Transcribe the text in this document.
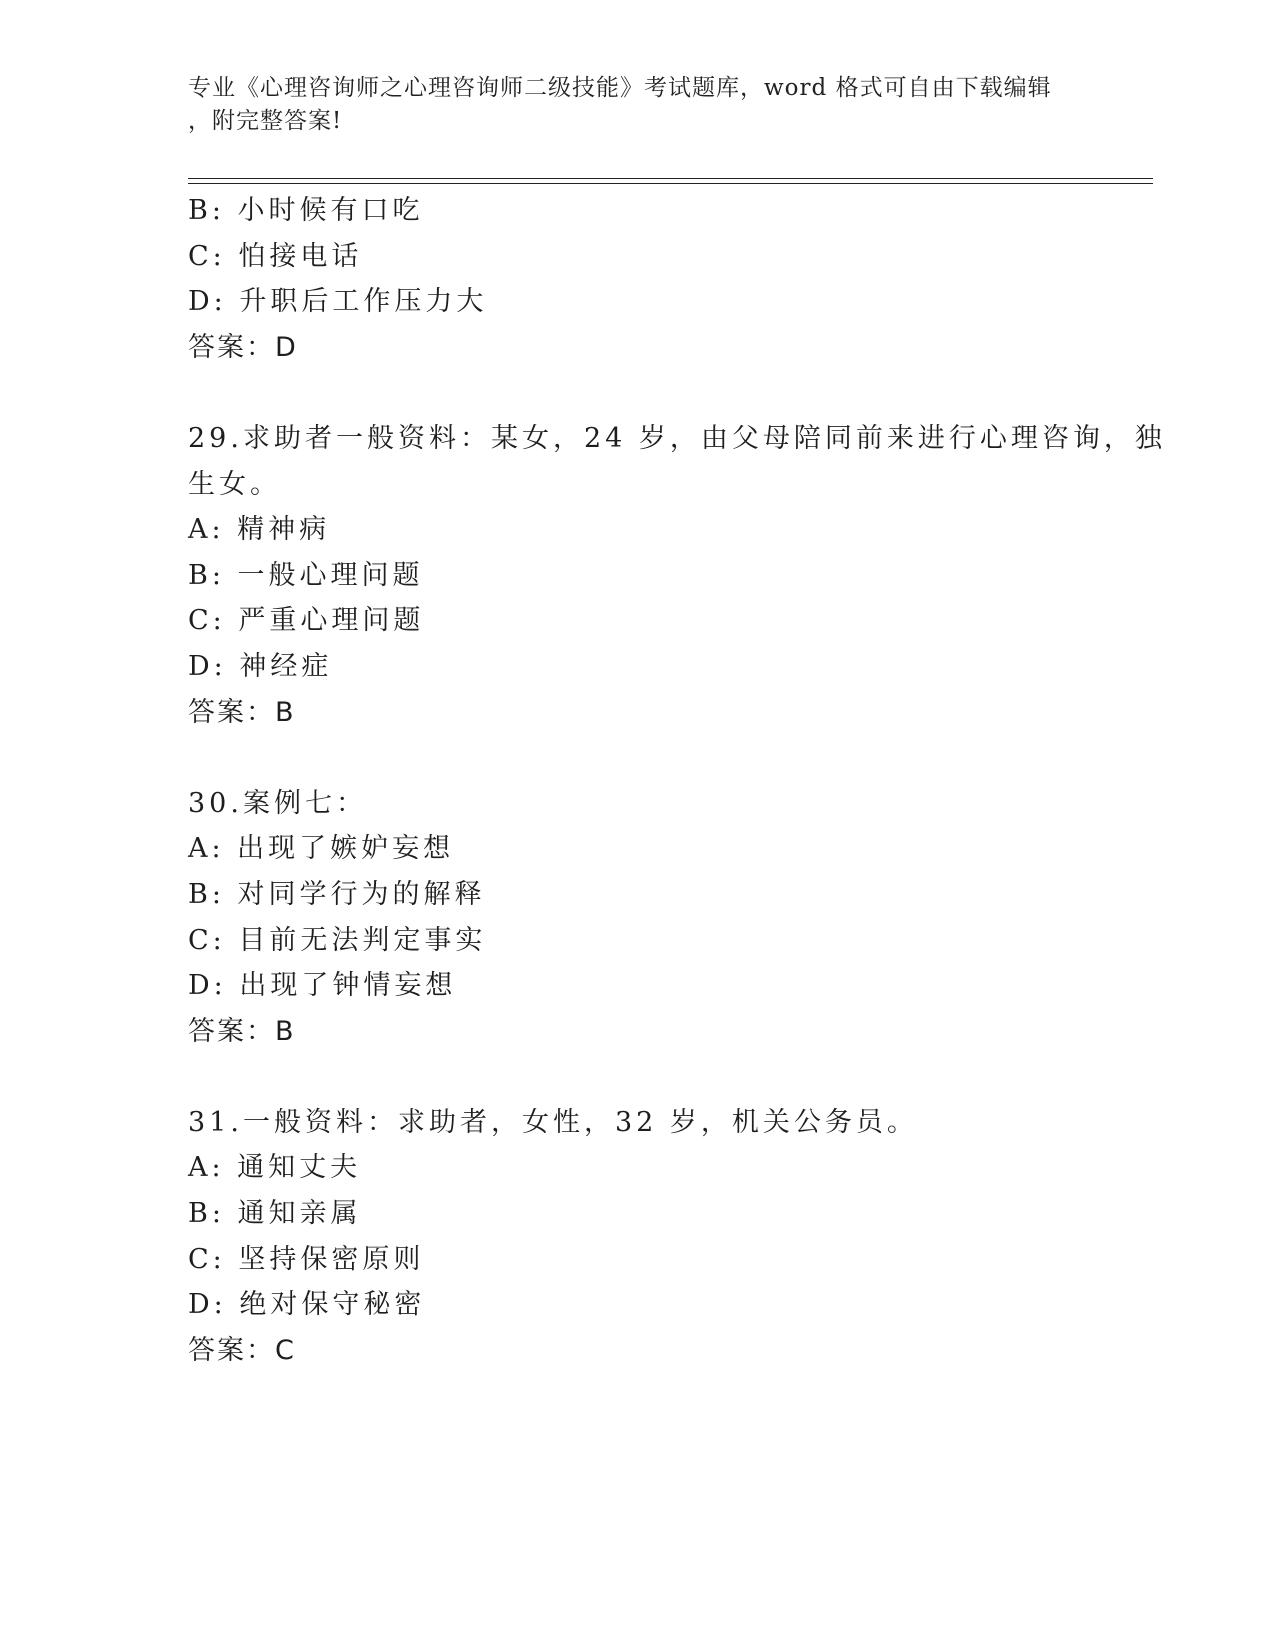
专业《心理咨询师之心理咨询师二级技能》考试题库，word 格式可自由下载编辑
，附完整答案!
B: 小时候有口吃
C: 怕接电话
D: 升职后工作压力大
答案：D
29.求助者一般资料：某女，24 岁，由父母陪同前来进行心理咨询，独
生女。
A: 精神病
B: 一般心理问题
C: 严重心理问题
D: 神经症
答案：B
30.案例七：
A: 出现了嫉妒妄想
B: 对同学行为的解释
C: 目前无法判定事实
D: 出现了钟情妄想
答案：B
31.一般资料：求助者，女性，32 岁，机关公务员。
A: 通知丈夫
B: 通知亲属
C: 坚持保密原则
D: 绝对保守秘密
答案：C
